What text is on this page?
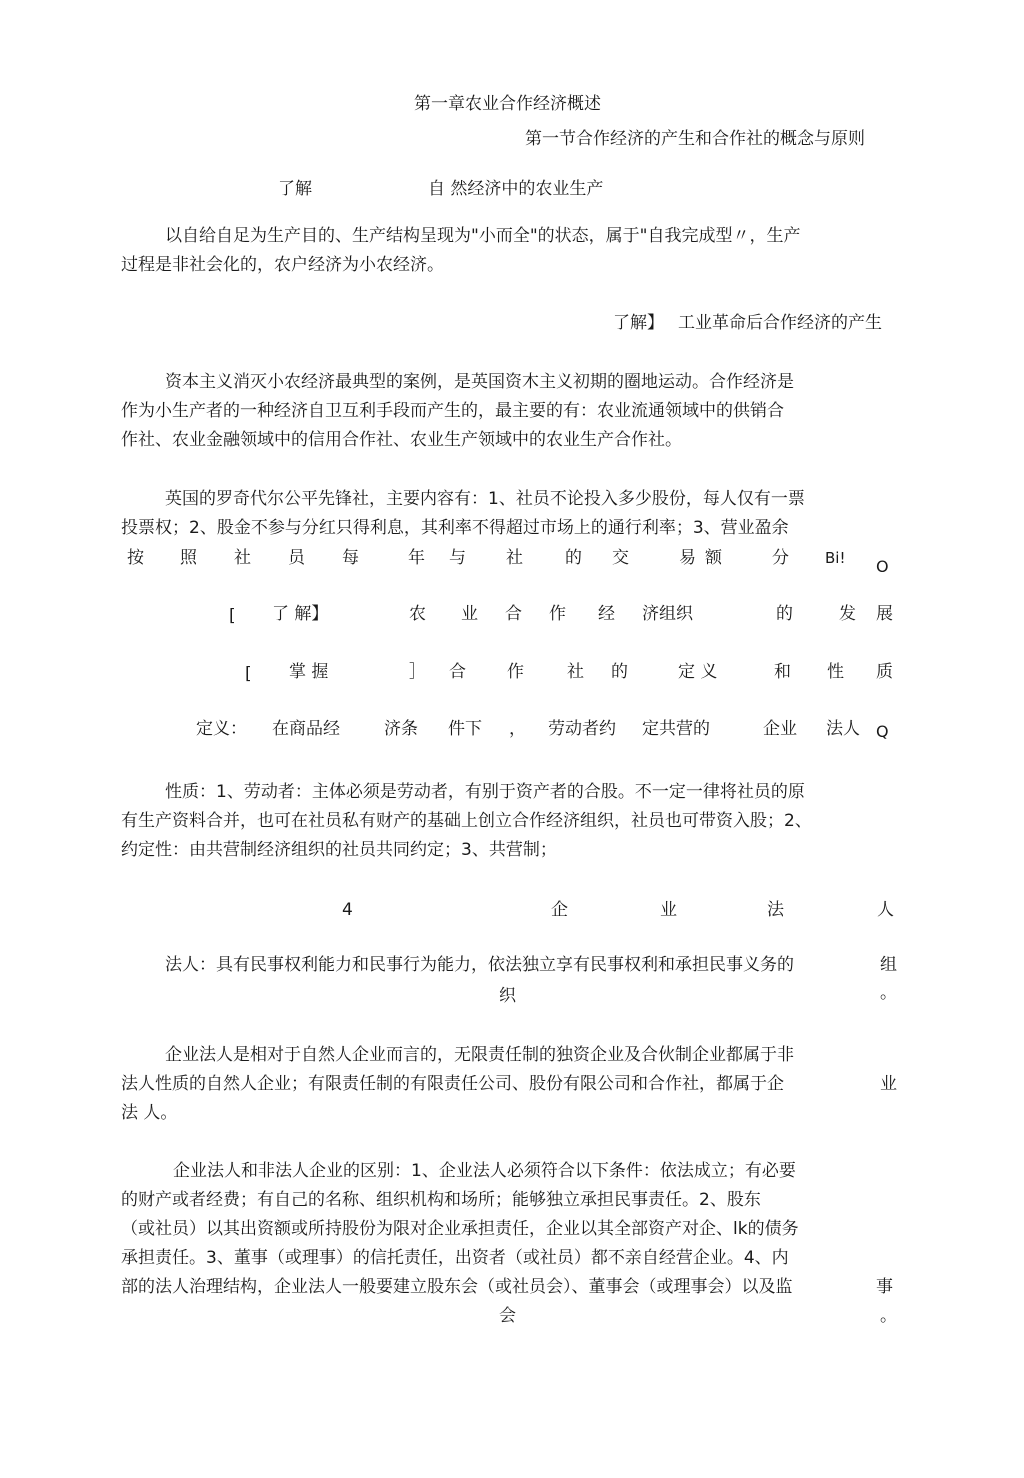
第一章农业合作经济概述
第一节合作经济的产生和合作社的概念与原则
了解	自 然经济中的农业生产
以自给自足为生产目的、生产结构呈现为"小而全"的状态，属于"自我完成型〃，生产
过程是非社会化的，农户经济为小农经济。
了解】 工业革命后合作经济的产生
资本主义消灭小农经济最典型的案例，是英国资木主义初期的圈地运动。合作经济是
作为小生产者的一种经济自卫互利手段而产生的，最主要的有：农业流通领域中的供销合
作社、农业金融领域中的信用合作社、农业生产领域中的农业生产合作社。
英国的罗奇代尔公平先锋社，主要内容有：1、社员不论投入多少股份，每人仅有一票
投票权；2、股金不参与分红只得利息，其利率不得超过市场上的通行利率；3、营业盈余
按 照 社 员 每	年 与 社 的 交	易 额	分 Bi! O
[ 了 解】	农 业 合 作 经 济组织	的	发 展
[ 掌 握	］ 合 作	社 的	定 义	和 性 质
定义： 在商品经	济条 件下 ， 劳动者约 定共营的	企业 法人 Q
性质：1、劳动者：主体必须是劳动者，有别于资产者的合股。不一定一律将社员的原
有生产资料合并，也可在社员私有财产的基础上创立合作经济组织，社员也可带资入股；2、
约定性：由共营制经济组织的社员共同约定；3、共营制；
4	企	业	法	人
法人：具有民事权利能力和民事行为能力，依法独立享有民事权利和承担民事义务的	组
织	。
企业法人是相对于自然人企业而言的，无限责任制的独资企业及合伙制企业都属于非
法人性质的自然人企业；有限责任制的有限责任公司、股份有限公司和合作社，都属于企	业
法 人。
企业法人和非法人企业的区别：1、企业法人必须符合以下条件：依法成立；有必要
的财产或者经费；有自己的名称、组织机构和场所；能够独立承担民事责任。2、股东
（或社员）以其出资额或所持股份为限对企业承担责任，企业以其全部资产对企、lk的债务
承担责任。3、董事（或理事）的信托责任，出资者（或社员）都不亲自经营企业。4、内
部的法人治理结构，企业法人一般要建立股东会（或社员会）、董事会（或理事会）以及监	事
会	。
